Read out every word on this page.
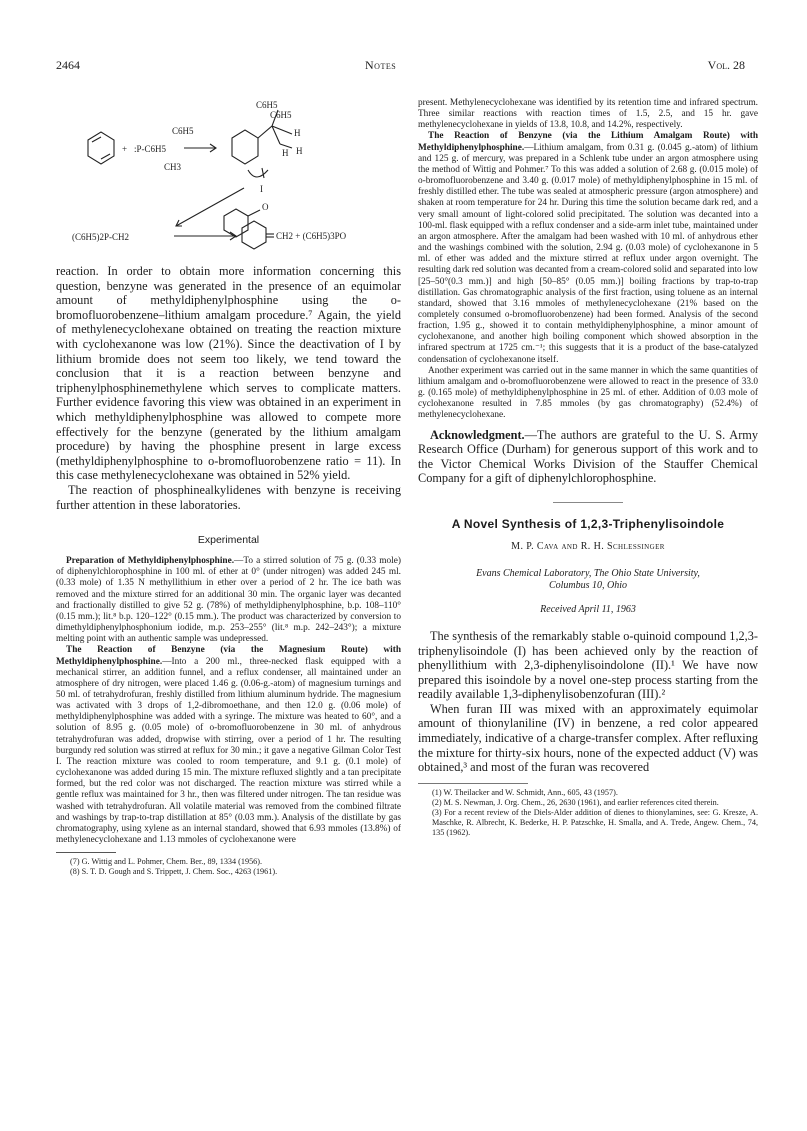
2464	Notes	Vol. 28
C6H5
C6H5
C6H5
+ :P-C6H5
CH3
H
H H
I
(C6H5)2P-CH2
O
CH2 + (C6H5)3PO

reaction. In order to obtain more information concerning this question, benzyne was generated in the presence of an equimolar amount of methyldiphenylphosphine using the o-bromofluorobenzene–lithium amalgam procedure.⁷ Again, the yield of methylenecyclohexane obtained on treating the reaction mixture with cyclohexanone was low (21%). Since the deactivation of I by lithium bromide does not seem too likely, we tend toward the conclusion that it is a reaction between benzyne and triphenylphosphinemethylene which serves to complicate matters. Further evidence favoring this view was obtained in an experiment in which methyldiphenylphosphine was allowed to compete more effectively for the benzyne (generated by the lithium amalgam procedure) by having the phosphine present in large excess (methyldiphenylphosphine to o-bromofluorobenzene ratio = 11). In this case methylenecyclohexane was obtained in 52% yield.

The reaction of phosphinealkylidenes with benzyne is receiving further attention in these laboratories.

Experimental

Preparation of Methyldiphenylphosphine.—To a stirred solution of 75 g. (0.33 mole) of diphenylchlorophosphine in 100 ml. of ether at 0° (under nitrogen) was added 245 ml. (0.33 mole) of 1.35 N methyllithium in ether over a period of 2 hr. The ice bath was removed and the mixture stirred for an additional 30 min. The organic layer was decanted and fractionally distilled to give 52 g. (78%) of methyldiphenylphosphine, b.p. 108–110° (0.15 mm.); lit.⁸ b.p. 120–122° (0.15 mm.). The product was characterized by conversion to dimethyldiphenylphosphonium iodide, m.p. 253–255° (lit.⁸ m.p. 242–243°); a mixture melting point with an authentic sample was undepressed.

The Reaction of Benzyne (via the Magnesium Route) with Methyldiphenylphosphine.—Into a 200 ml., three-necked flask equipped with a mechanical stirrer, an addition funnel, and a reflux condenser, all maintained under an atmosphere of dry nitrogen, were placed 1.46 g. (0.06-g.-atom) of magnesium turnings and 50 ml. of tetrahydrofuran, freshly distilled from lithium aluminum hydride. The magnesium was activated with 3 drops of 1,2-dibromoethane, and then 12.0 g. (0.06 mole) of methyldiphenylphosphine was added with a syringe. The mixture was heated to 60°, and a solution of 8.95 g. (0.05 mole) of o-bromofluorobenzene in 30 ml. of anhydrous tetrahydrofuran was added, dropwise with stirring, over a period of 1 hr. The resulting burgundy red solution was stirred at reflux for 30 min.; it gave a negative Gilman Color Test I. The reaction mixture was cooled to room temperature, and 9.1 g. (0.1 mole) of cyclohexanone was added during 15 min. The mixture refluxed slightly and a tan precipitate formed, but the red color was not discharged. The reaction mixture was stirred while a gentle reflux was maintained for 3 hr., then was filtered under nitrogen. The tan residue was washed with tetrahydrofuran. All volatile material was removed from the combined filtrate and washings by trap-to-trap distillation at 85° (0.03 mm.). Analysis of the distillate by gas chromatography, using xylene as an internal standard, showed that 6.93 mmoles (13.8%) of methylenecyclohexane and 1.13 mmoles of cyclohexanone were

(7) G. Wittig and L. Pohmer, Chem. Ber., 89, 1334 (1956).

(8) S. T. D. Gough and S. Trippett, J. Chem. Soc., 4263 (1961).

present. Methylenecyclohexane was identified by its retention time and infrared spectrum. Three similar reactions with reaction times of 1.5, 2.5, and 15 hr. gave methylenecyclohexane in yields of 13.8, 10.8, and 14.2%, respectively.

The Reaction of Benzyne (via the Lithium Amalgam Route) with Methyldiphenylphosphine.—Lithium amalgam, from 0.31 g. (0.045 g.-atom) of lithium and 125 g. of mercury, was prepared in a Schlenk tube under an argon atmosphere using the method of Wittig and Pohmer.⁷ To this was added a solution of 2.68 g. (0.015 mole) of o-bromofluorobenzene and 3.40 g. (0.017 mole) of methyldiphenylphosphine in 15 ml. of freshly distilled ether. The tube was sealed at atmospheric pressure (argon atmosphere) and shaken at room temperature for 24 hr. During this time the solution became dark red, and a very small amount of light-colored solid precipitated. The solution was decanted into a 100-ml. flask equipped with a reflux condenser and a side-arm inlet tube, maintained under an argon atmosphere. After the amalgam had been washed with 10 ml. of anhydrous ether and the washings combined with the solution, 2.94 g. (0.03 mole) of cyclohexanone in 5 ml. of ether was added and the mixture stirred at reflux under argon overnight. The resulting dark red solution was decanted from a cream-colored solid and separated into low [25–50°(0.3 mm.)] and high [50–85° (0.05 mm.)] boiling fractions by trap-to-trap distillation. Gas chromatographic analysis of the first fraction, using toluene as an internal standard, showed that 3.16 mmoles of methylenecyclohexane (21% based on the completely consumed o-bromofluorobenzene) had been formed. Analysis of the second fraction, 1.95 g., showed it to contain methyldiphenylphosphine, a minor amount of cyclohexanone, and another high boiling component which showed absorption in the infrared spectrum at 1725 cm.⁻¹; this suggests that it is a product of the base-catalyzed condensation of cyclohexanone itself.

Another experiment was carried out in the same manner in which the same quantities of lithium amalgam and o-bromofluorobenzene were allowed to react in the presence of 33.0 g. (0.165 mole) of methyldiphenylphosphine in 25 ml. of ether. Addition of 0.03 mole of cyclohexanone resulted in 7.85 mmoles (by gas chromatography) (52.4%) of methylenecyclohexane.

Acknowledgment.—The authors are grateful to the U. S. Army Research Office (Durham) for generous support of this work and to the Victor Chemical Works Division of the Stauffer Chemical Company for a gift of diphenylchlorophosphine.

A Novel Synthesis of 1,2,3-Triphenylisoindole
M. P. Cava and R. H. Schlessinger
Evans Chemical Laboratory, The Ohio State University,
Columbus 10, Ohio
Received April 11, 1963

The synthesis of the remarkably stable o-quinoid compound 1,2,3-triphenylisoindole (I) has been achieved only by the reaction of phenyllithium with 2,3-diphenylisoindolone (II).¹ We have now prepared this isoindole by a novel one-step process starting from the readily available 1,3-diphenylisobenzofuran (III).²

When furan III was mixed with an approximately equimolar amount of thionylaniline (IV) in benzene, a red color appeared immediately, indicative of a charge-transfer complex. After refluxing the mixture for thirty-six hours, none of the expected adduct (V) was obtained,³ and most of the furan was recovered

(1) W. Theilacker and W. Schmidt, Ann., 605, 43 (1957).

(2) M. S. Newman, J. Org. Chem., 26, 2630 (1961), and earlier references cited therein.

(3) For a recent review of the Diels-Alder addition of dienes to thionylamines, see: G. Kresze, A. Maschke, R. Albrecht, K. Bederke, H. P. Patzschke, H. Smalla, and A. Trede, Angew. Chem., 74, 135 (1962).
